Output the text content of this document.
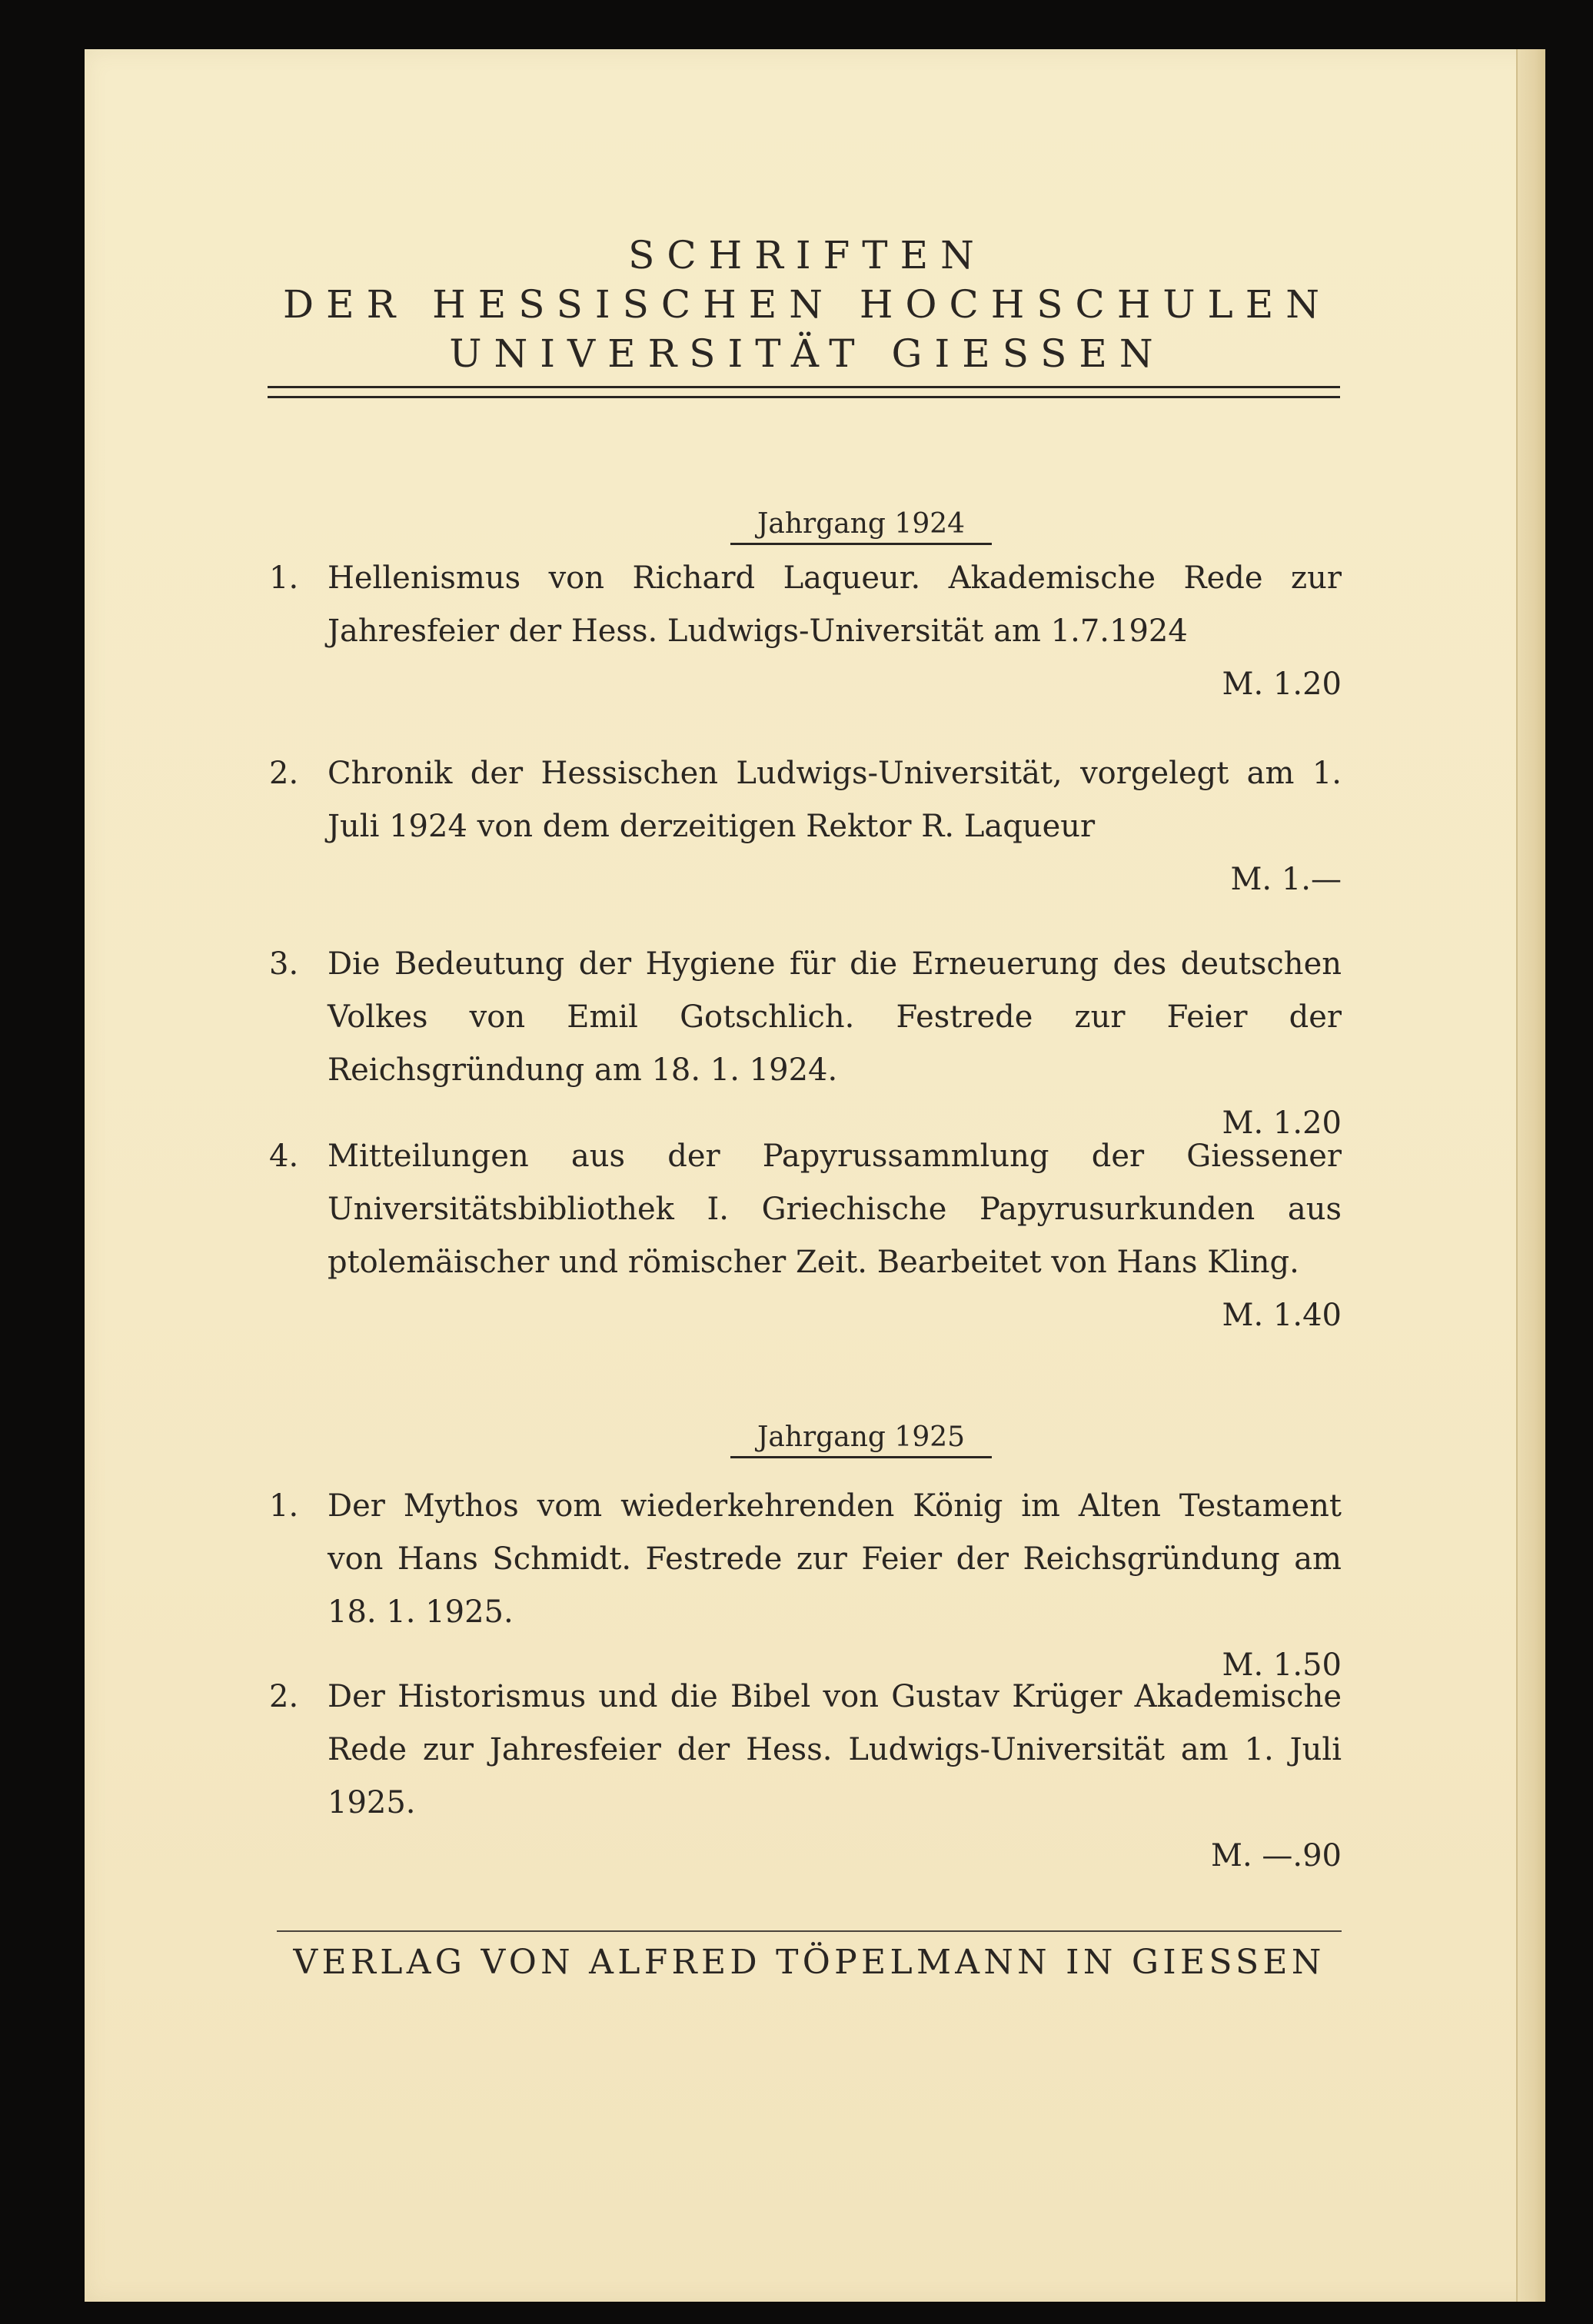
SCHRIFTEN
DER HESSISCHEN HOCHSCHULEN
UNIVERSITÄT GIESSEN
Jahrgang 1924
1. Hellenismus von Richard Laqueur. Akademische Rede zur Jahresfeier der Hess. Ludwigs-Universität am 1.7.1924
M. 1.20
2. Chronik der Hessischen Ludwigs-Universität, vorgelegt am 1. Juli 1924 von dem derzeitigen Rektor R. Laqueur
M. 1.—
3. Die Bedeutung der Hygiene für die Erneuerung des deutschen Volkes von Emil Gotschlich. Festrede zur Feier der Reichsgründung am 18. 1. 1924.
M. 1.20
4. Mitteilungen aus der Papyrussammlung der Giessener Universitätsbibliothek I. Griechische Papyrusurkunden aus ptolemäischer und römischer Zeit. Bearbeitet von Hans Kling.
M. 1.40
Jahrgang 1925
1. Der Mythos vom wiederkehrenden König im Alten Testament von Hans Schmidt. Festrede zur Feier der Reichsgründung am 18. 1. 1925.
M. 1.50
2. Der Historismus und die Bibel von Gustav Krüger Akademische Rede zur Jahresfeier der Hess. Ludwigs-Universität am 1. Juli 1925.
M. —.90
VERLAG VON ALFRED TÖPELMANN IN GIESSEN
